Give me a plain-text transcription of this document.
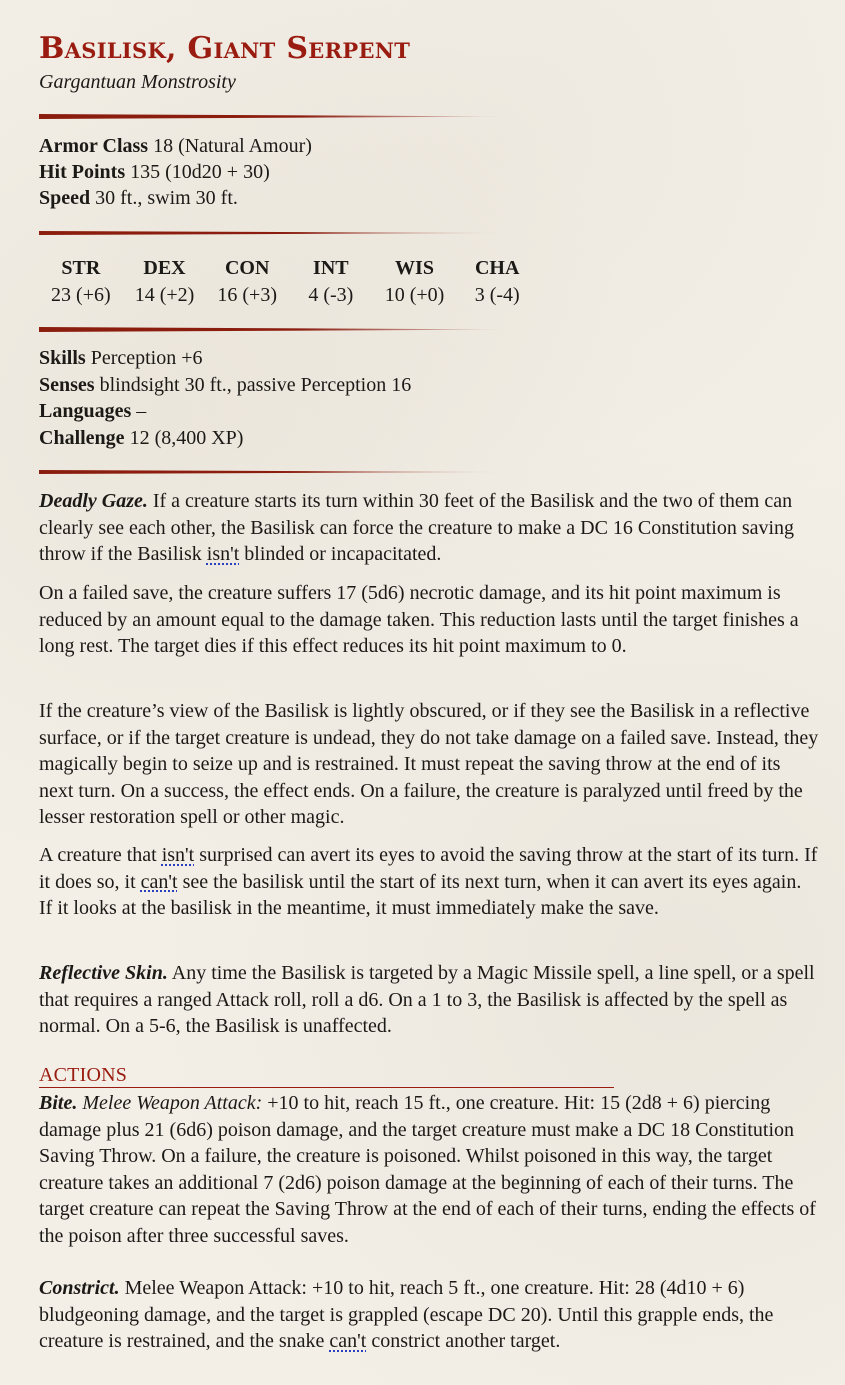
Basilisk, Giant Serpent
Gargantuan Monstrosity
Armor Class 18 (Natural Amour)
Hit Points 135 (10d20 + 30)
Speed 30 ft., swim 30 ft.
STR
23 (+6)
DEX
14 (+2)
CON
16 (+3)
INT
4 (-3)
WIS
10 (+0)
CHA
3 (-4)
Skills Perception +6
Senses blindsight 30 ft., passive Perception 16
Languages –
Challenge 12 (8,400 XP)

Deadly Gaze. If a creature starts its turn within 30 feet of the Basilisk and the two of them can clearly see each other, the Basilisk can force the creature to make a DC 16 Constitution saving throw if the Basilisk isn't blinded or incapacitated.

On a failed save, the creature suffers 17 (5d6) necrotic damage, and its hit point maximum is reduced by an amount equal to the damage taken. This reduction lasts until the target finishes a long rest. The target dies if this effect reduces its hit point maximum to 0.

If the creature’s view of the Basilisk is lightly obscured, or if they see the Basilisk in a reflective surface, or if the target creature is undead, they do not take damage on a failed save. Instead, they magically begin to seize up and is restrained. It must repeat the saving throw at the end of its next turn. On a success, the effect ends. On a failure, the creature is paralyzed until freed by the lesser restoration spell or other magic.

A creature that isn't surprised can avert its eyes to avoid the saving throw at the start of its turn. If it does so, it can't see the basilisk until the start of its next turn, when it can avert its eyes again. If it looks at the basilisk in the meantime, it must immediately make the save.

Reflective Skin. Any time the Basilisk is targeted by a Magic Missile spell, a line spell, or a spell that requires a ranged Attack roll, roll a d6. On a 1 to 3, the Basilisk is affected by the spell as normal. On a 5-6, the Basilisk is unaffected.

ACTIONS

Bite. Melee Weapon Attack: +10 to hit, reach 15 ft., one creature. Hit: 15 (2d8 + 6) piercing damage plus 21 (6d6) poison damage, and the target creature must make a DC 18 Constitution Saving Throw. On a failure, the creature is poisoned. Whilst poisoned in this way, the target creature takes an additional 7 (2d6) poison damage at the beginning of each of their turns. The target creature can repeat the Saving Throw at the end of each of their turns, ending the effects of the poison after three successful saves.

Constrict. Melee Weapon Attack: +10 to hit, reach 5 ft., one creature. Hit: 28 (4d10 + 6) bludgeoning damage, and the target is grappled (escape DC 20). Until this grapple ends, the creature is restrained, and the snake can't constrict another target.
